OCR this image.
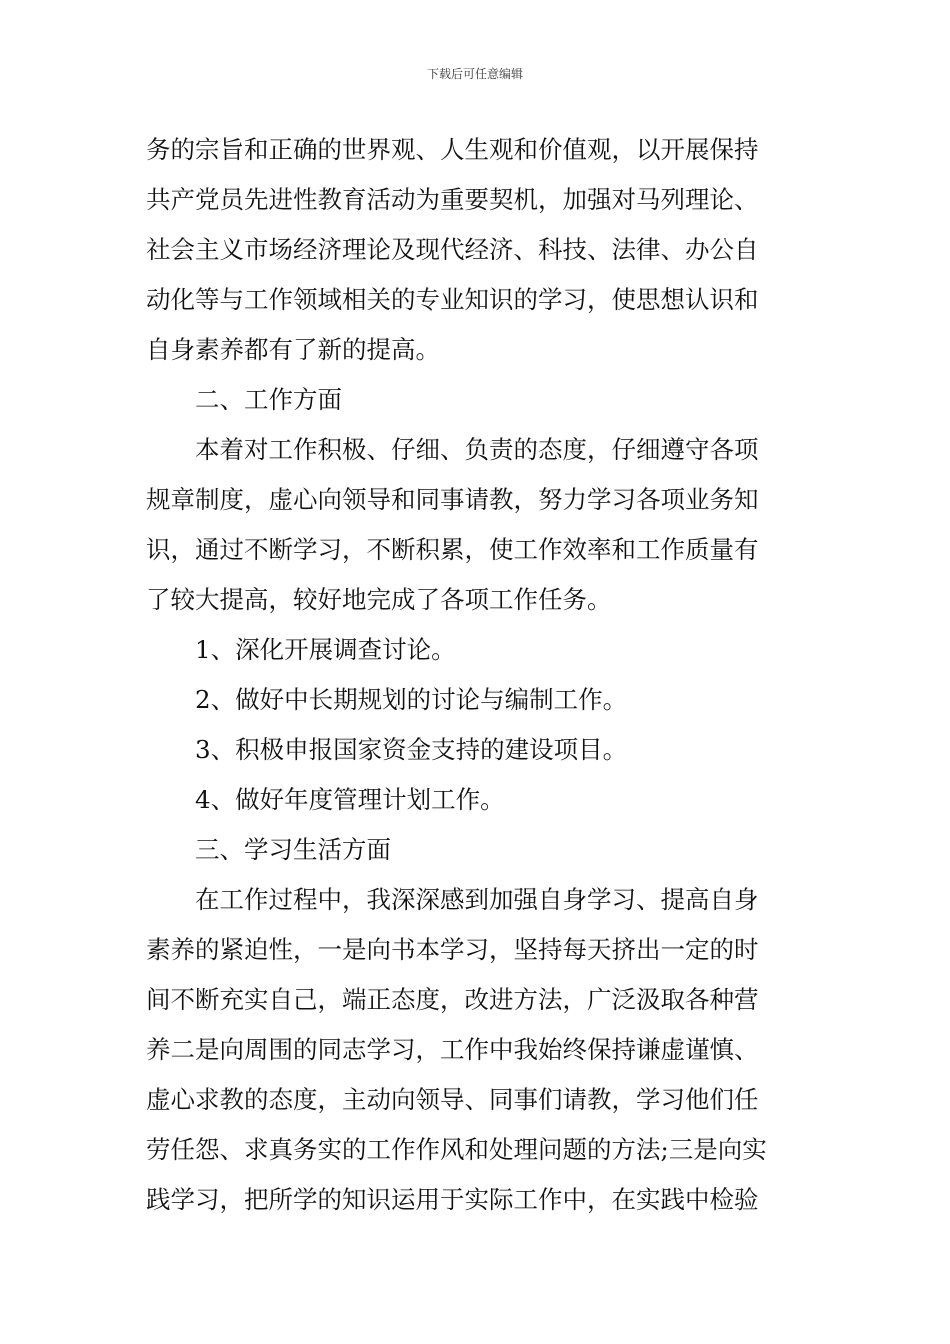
下载后可任意编辑
务的宗旨和正确的世界观、人生观和价值观，以开展保持
共产党员先进性教育活动为重要契机，加强对马列理论、
社会主义市场经济理论及现代经济、科技、法律、办公自
动化等与工作领域相关的专业知识的学习，使思想认识和
自身素养都有了新的提高。
二、工作方面
本着对工作积极、仔细、负责的态度，仔细遵守各项
规章制度，虚心向领导和同事请教，努力学习各项业务知
识，通过不断学习，不断积累，使工作效率和工作质量有
了较大提高，较好地完成了各项工作任务。
1、深化开展调查讨论。
2、做好中长期规划的讨论与编制工作。
3、积极申报国家资金支持的建设项目。
4、做好年度管理计划工作。
三、学习生活方面
在工作过程中，我深深感到加强自身学习、提高自身
素养的紧迫性，一是向书本学习，坚持每天挤出一定的时
间不断充实自己，端正态度，改进方法，广泛汲取各种营
养二是向周围的同志学习，工作中我始终保持谦虚谨慎、
虚心求教的态度，主动向领导、同事们请教，学习他们任
劳任怨、求真务实的工作作风和处理问题的方法;三是向实
践学习，把所学的知识运用于实际工作中，在实践中检验
